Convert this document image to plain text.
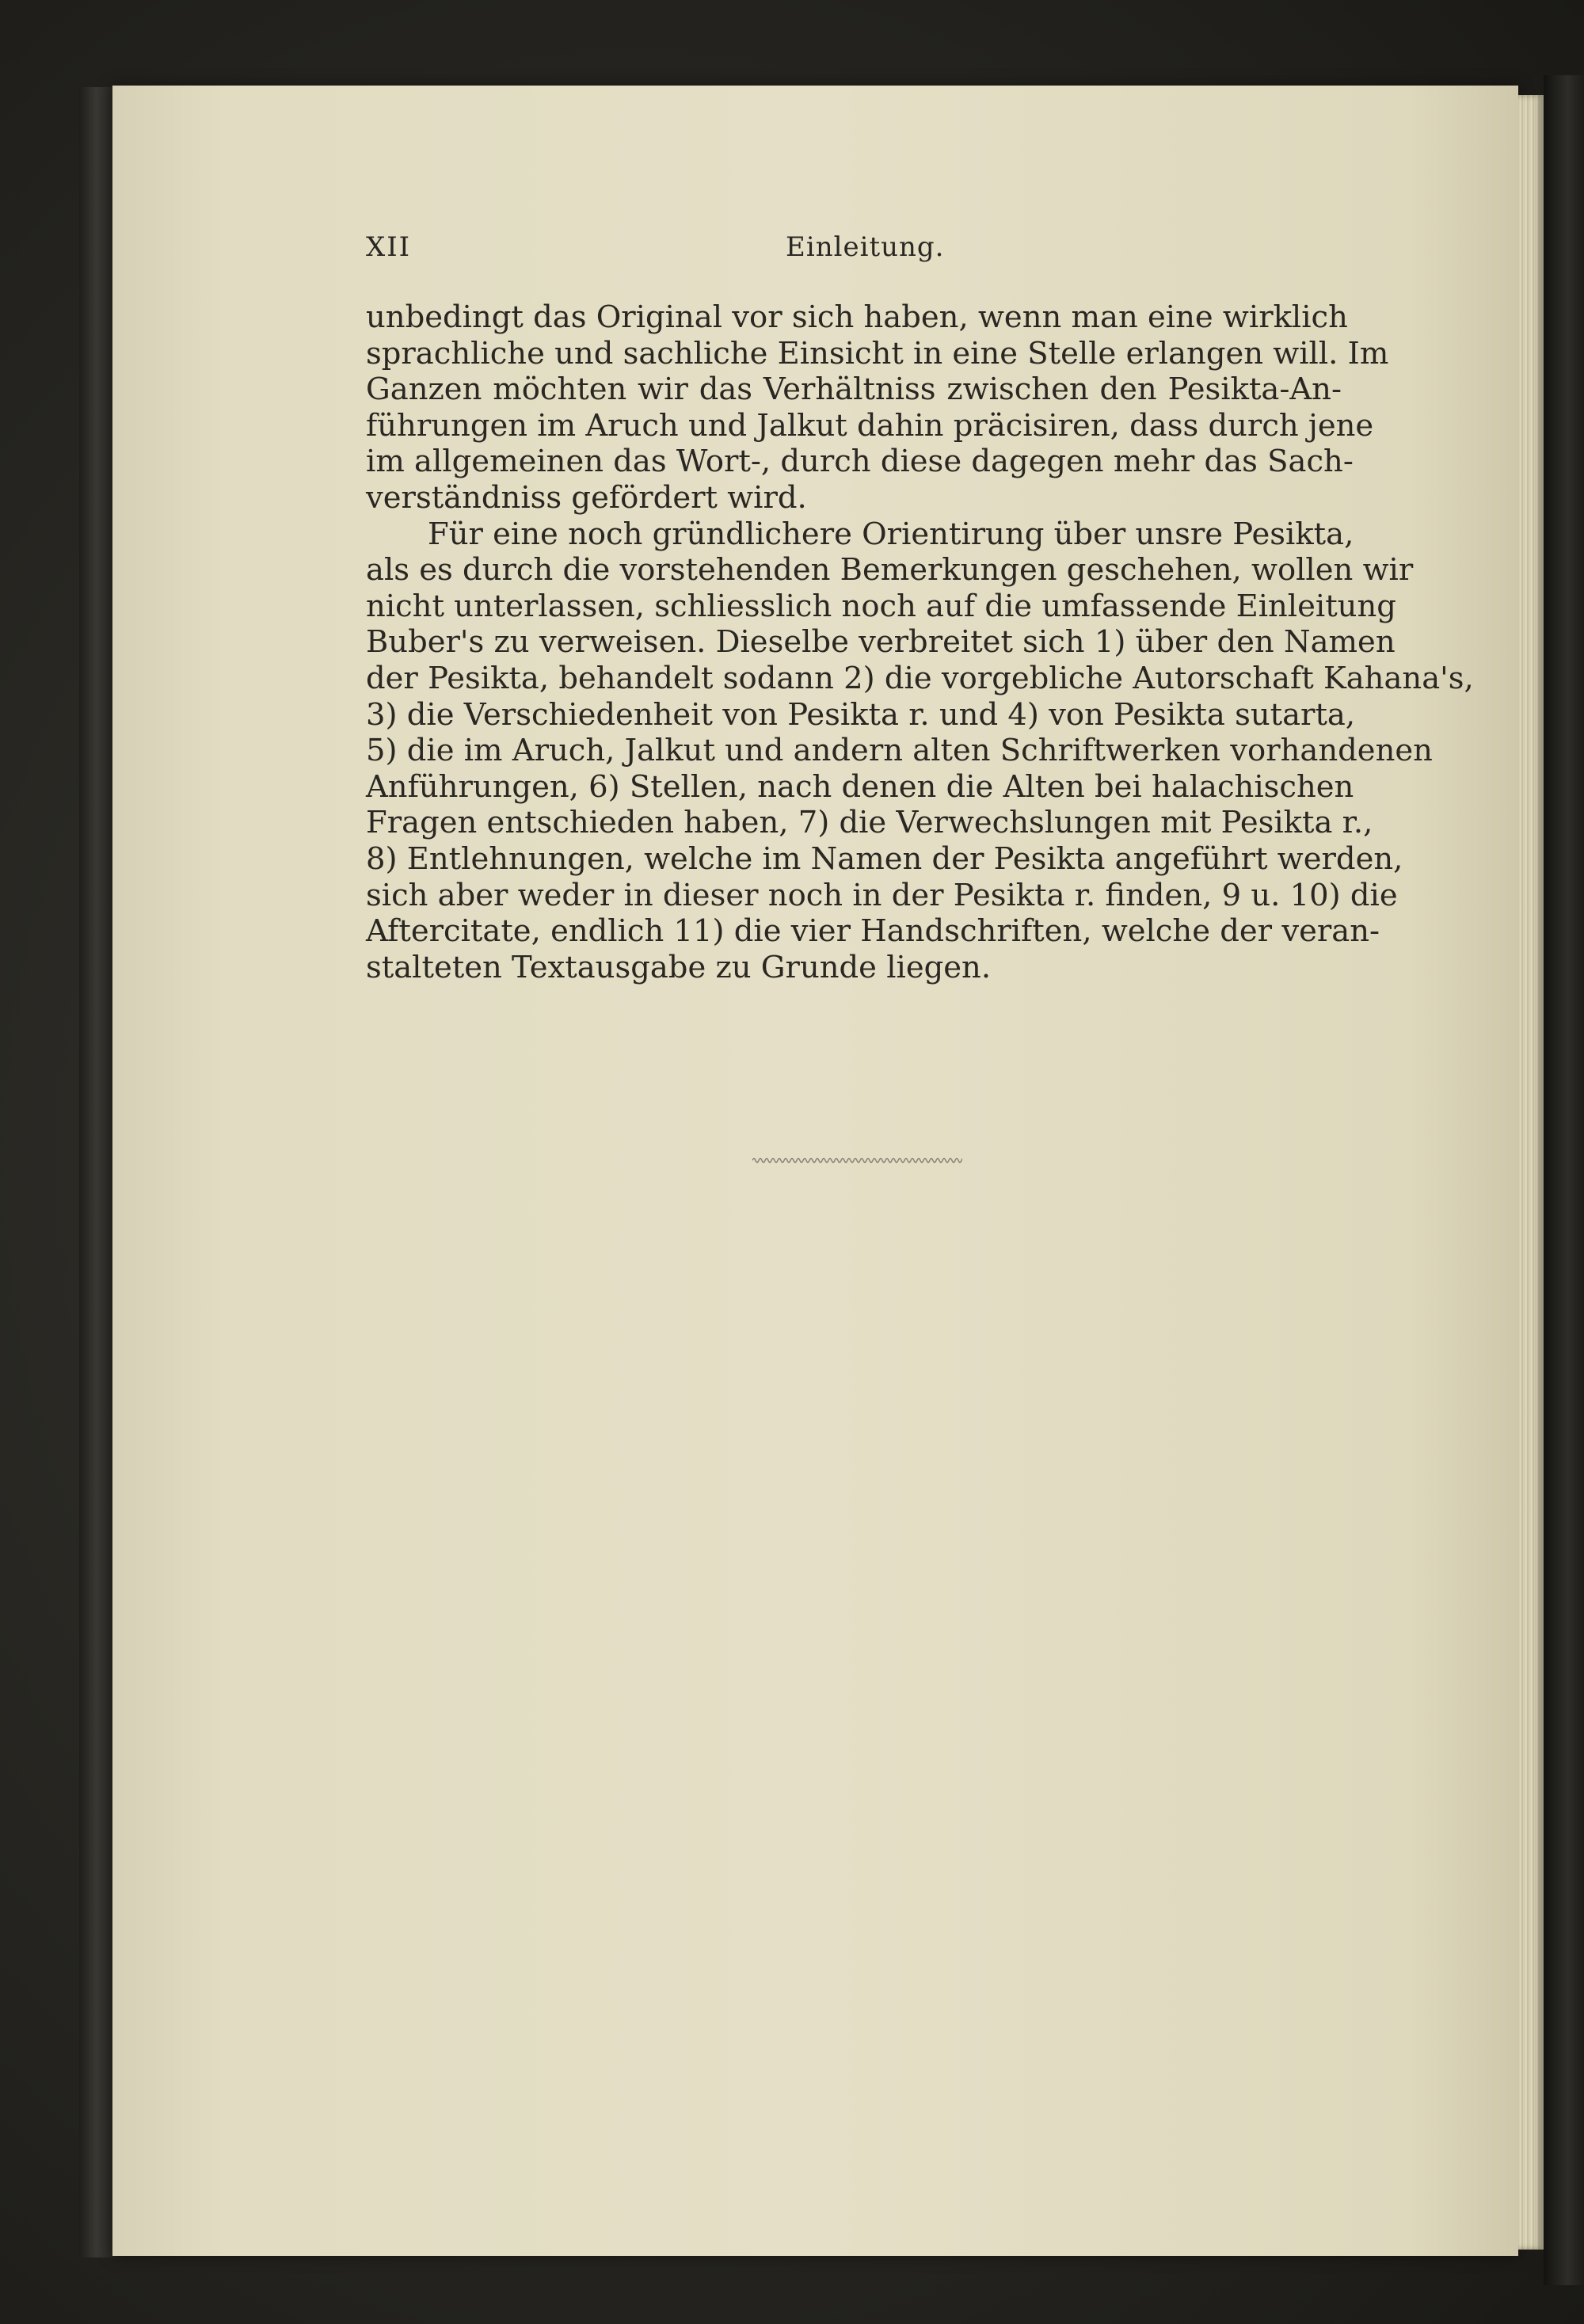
XII	Einleitung.
unbedingt das Original vor sich haben, wenn man eine wirklich
sprachliche und sachliche Einsicht in eine Stelle erlangen will. Im
Ganzen möchten wir das Verhältniss zwischen den Pesikta-An-
führungen im Aruch und Jalkut dahin präcisiren, dass durch jene
im allgemeinen das Wort-, durch diese dagegen mehr das Sach-
verständniss gefördert wird.
Für eine noch gründlichere Orientirung über unsre Pesikta,
als es durch die vorstehenden Bemerkungen geschehen, wollen wir
nicht unterlassen, schliesslich noch auf die umfassende Einleitung
Buber's zu verweisen. Dieselbe verbreitet sich 1) über den Namen
der Pesikta, behandelt sodann 2) die vorgebliche Autorschaft Kahana's,
3) die Verschiedenheit von Pesikta r. und 4) von Pesikta sutarta,
5) die im Aruch, Jalkut und andern alten Schriftwerken vorhandenen
Anführungen, 6) Stellen, nach denen die Alten bei halachischen
Fragen entschieden haben, 7) die Verwechslungen mit Pesikta r.,
8) Entlehnungen, welche im Namen der Pesikta angeführt werden,
sich aber weder in dieser noch in der Pesikta r. finden, 9 u. 10) die
Aftercitate, endlich 11) die vier Handschriften, welche der veran-
stalteten Textausgabe zu Grunde liegen.
